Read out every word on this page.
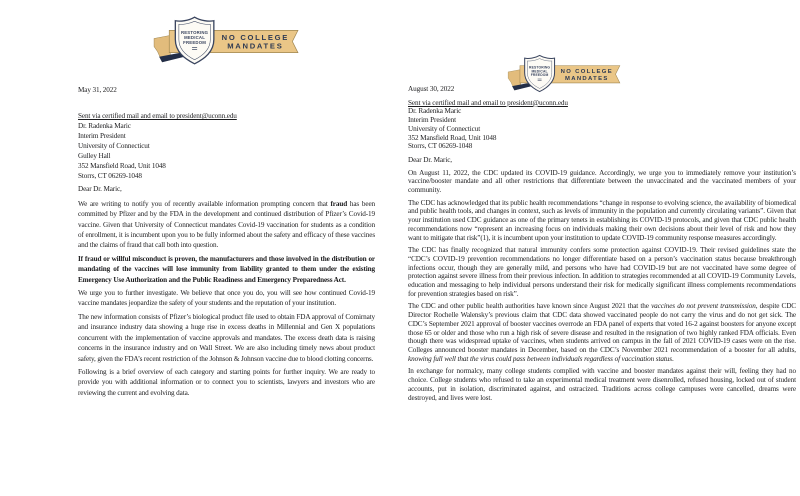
RESTORING
MEDICAL
FREEDOM
NO COLLEGE
MANDATES
RESTORING
MEDICAL
FREEDOM
NO COLLEGE
MANDATES
May 31, 2022
Sent via certified mail and email to president@uconn.edu
Dr. Radenka Maric
Interim President
University of Connecticut
Gulley Hall
352 Mansfield Road, Unit 1048
Storrs, CT 06269-1048
Dear Dr. Maric,

We are writing to notify you of recently available information prompting concern that fraud has been committed by Pfizer and by the FDA in the development and continued distribution of Pfizer’s Covid-19 vaccine. Given that University of Connecticut mandates Covid-19 vaccination for students as a condition of enrollment, it is incumbent upon you to be fully informed about the safety and efficacy of these vaccines and the claims of fraud that call both into question.

If fraud or willful misconduct is proven, the manufacturers and those involved in the distribution or mandating of the vaccines will lose immunity from liability granted to them under the existing Emergency Use Authorization and the Public Readiness and Emergency Preparedness Act.

We urge you to further investigate. We believe that once you do, you will see how continued Covid-19 vaccine mandates jeopardize the safety of your students and the reputation of your institution.

The new information consists of Pfizer’s biological product file used to obtain FDA approval of Comirnaty and insurance industry data showing a huge rise in excess deaths in Millennial and Gen X populations concurrent with the implementation of vaccine approvals and mandates. The excess death data is raising concerns in the insurance industry and on Wall Street. We are also including timely news about product safety, given the FDA’s recent restriction of the Johnson & Johnson vaccine due to blood clotting concerns.

Following is a brief overview of each category and starting points for further inquiry. We are ready to provide you with additional information or to connect you to scientists, lawyers and investors who are reviewing the current and evolving data.

August 30, 2022
Sent via certified mail and email to president@uconn.edu
Dr. Radenka Maric
Interim President
University of Connecticut
352 Mansfield Road, Unit 1048
Storrs, CT 06269-1048
Dear Dr. Maric,

On August 11, 2022, the CDC updated its COVID-19 guidance. Accordingly, we urge you to immediately remove your institution’s vaccine/booster mandate and all other restrictions that differentiate between the unvaccinated and the vaccinated members of your community.

The CDC has acknowledged that its public health recommendations “change in response to evolving science, the availability of biomedical and public health tools, and changes in context, such as levels of immunity in the population and currently circulating variants”. Given that your institution used CDC guidance as one of the primary tenets in establishing its COVID-19 protocols, and given that CDC public health recommendations now “represent an increasing focus on individuals making their own decisions about their level of risk and how they want to mitigate that risk”(1), it is incumbent upon your institution to update COVID-19 community response measures accordingly.

The CDC has finally recognized that natural immunity confers some protection against COVID-19. Their revised guidelines state the “CDC’s COVID-19 prevention recommendations no longer differentiate based on a person’s vaccination status because breakthrough infections occur, though they are generally mild, and persons who have had COVID-19 but are not vaccinated have some degree of protection against severe illness from their previous infection. In addition to strategies recommended at all COVID-19 Community Levels, education and messaging to help individual persons understand their risk for medically significant illness complements recommendations for prevention strategies based on risk”.

The CDC and other public health authorities have known since August 2021 that the vaccines do not prevent transmission, despite CDC Director Rochelle Walensky’s previous claim that CDC data showed vaccinated people do not carry the virus and do not get sick. The CDC’s September 2021 approval of booster vaccines overrode an FDA panel of experts that voted 16-2 against boosters for anyone except those 65 or older and those who run a high risk of severe disease and resulted in the resignation of two highly ranked FDA officials. Even though there was widespread uptake of vaccines, when students arrived on campus in the fall of 2021 COVID-19 cases were on the rise. Colleges announced booster mandates in December, based on the CDC’s November 2021 recommendation of a booster for all adults, knowing full well that the virus could pass between individuals regardless of vaccination status.

In exchange for normalcy, many college students complied with vaccine and booster mandates against their will, feeling they had no choice. College students who refused to take an experimental medical treatment were disenrolled, refused housing, locked out of student accounts, put in isolation, discriminated against, and ostracized. Traditions across college campuses were cancelled, dreams were destroyed, and lives were lost.
